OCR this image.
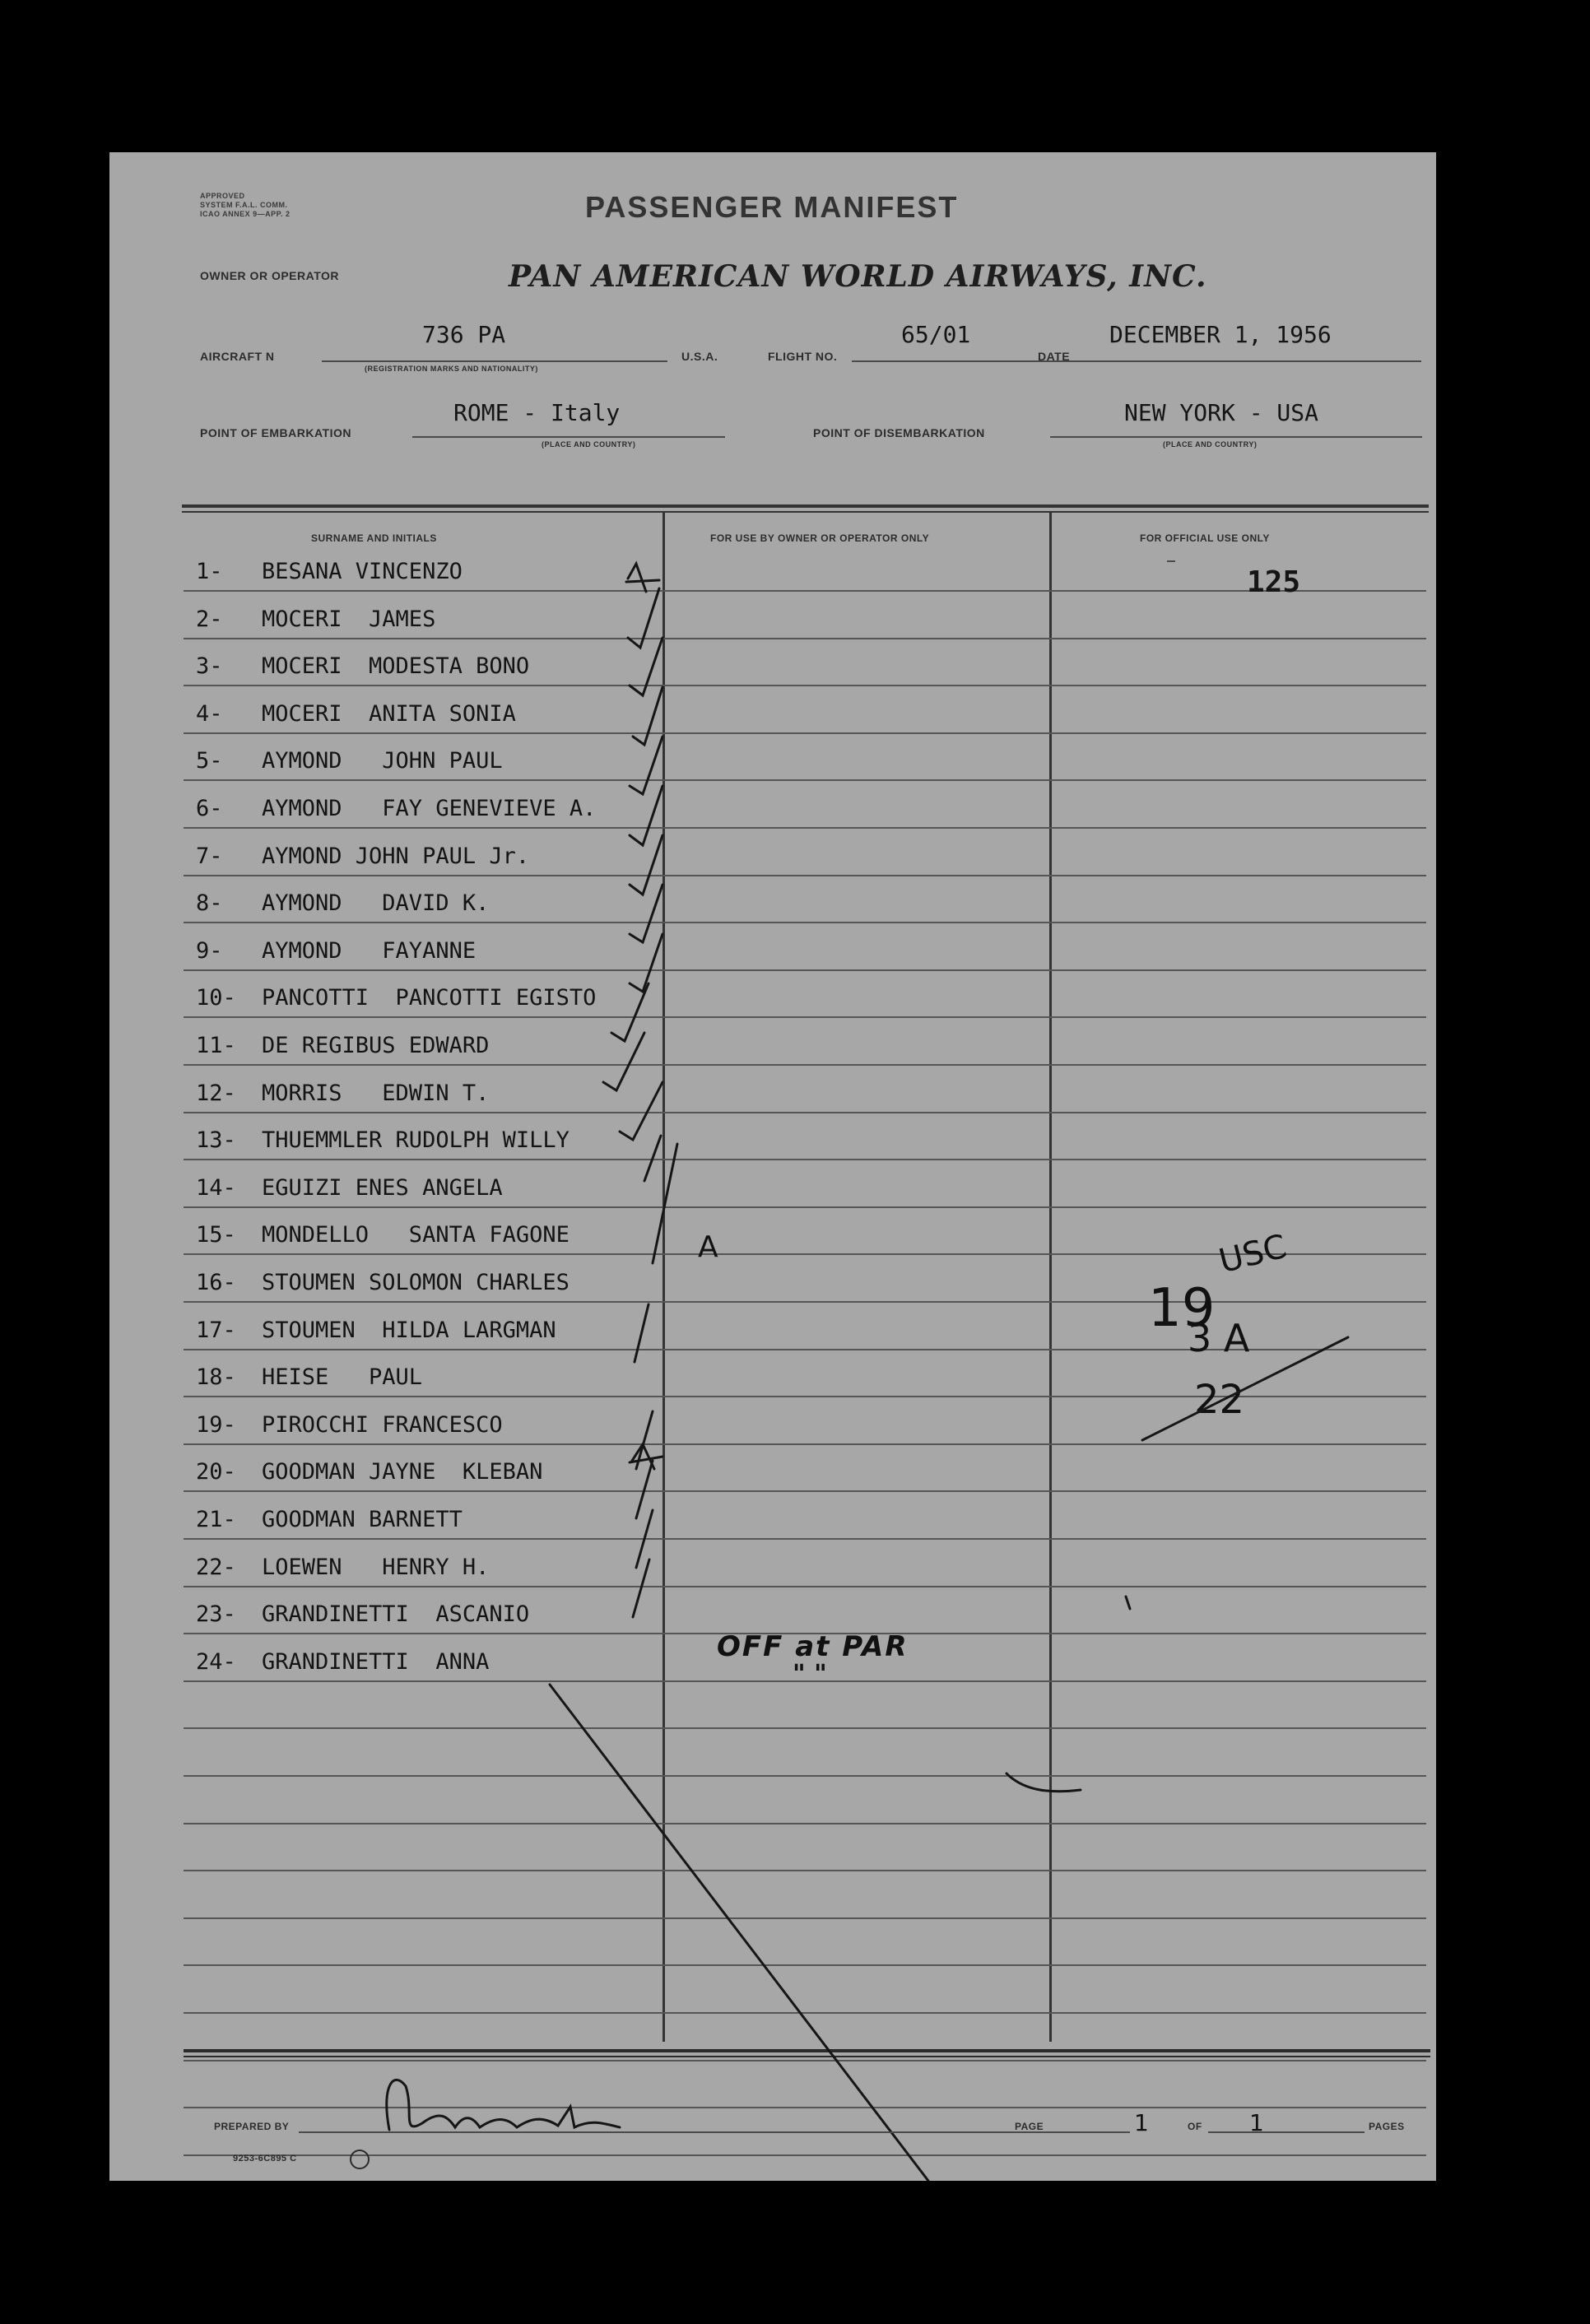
APPROVED
SYSTEM F.A.L. COMM.
ICAO ANNEX 9—APP. 2	PASSENGER MANIFEST
OWNER OR OPERATOR	PAN AMERICAN WORLD AIRWAYS, INC.
AIRCRAFT N
736 PA
(REGISTRATION MARKS AND NATIONALITY)
U.S.A.	FLIGHT NO.
65/01
DATE
DECEMBER 1, 1956
POINT OF EMBARKATION
ROME - Italy
(PLACE AND COUNTRY)
POINT OF DISEMBARKATION
NEW YORK - USA
(PLACE AND COUNTRY)
SURNAME AND INITIALS	FOR USE BY OWNER OR OPERATOR ONLY	FOR OFFICIAL USE ONLY
1- BESANA VINCENZO
2- MOCERI  JAMES
3- MOCERI  MODESTA BONO
4- MOCERI  ANITA SONIA
5- AYMOND   JOHN PAUL
6- AYMOND   FAY GENEVIEVE A.
7- AYMOND JOHN PAUL Jr.
8- AYMOND   DAVID K.
9- AYMOND   FAYANNE
10- PANCOTTI  PANCOTTI EGISTO
11- DE REGIBUS EDWARD
12- MORRIS   EDWIN T.
13- THUEMMLER RUDOLPH WILLY
14- EGUIZI ENES ANGELA
15- MONDELLO   SANTA FAGONE
16- STOUMEN SOLOMON CHARLES
17- STOUMEN  HILDA LARGMAN
18- HEISE   PAUL
19- PIROCCHI FRANCESCO
20- GOODMAN JAYNE  KLEBAN
21- GOODMAN BARNETT
22- LOEWEN   HENRY H.
23- GRANDINETTI  ASCANIO
24- GRANDINETTI  ANNA
125
OFF at PAR
" "
A
19
USC
3 A
22
PREPARED BY	PAGE	1	OF 1	PAGES
9253-6C895 C
